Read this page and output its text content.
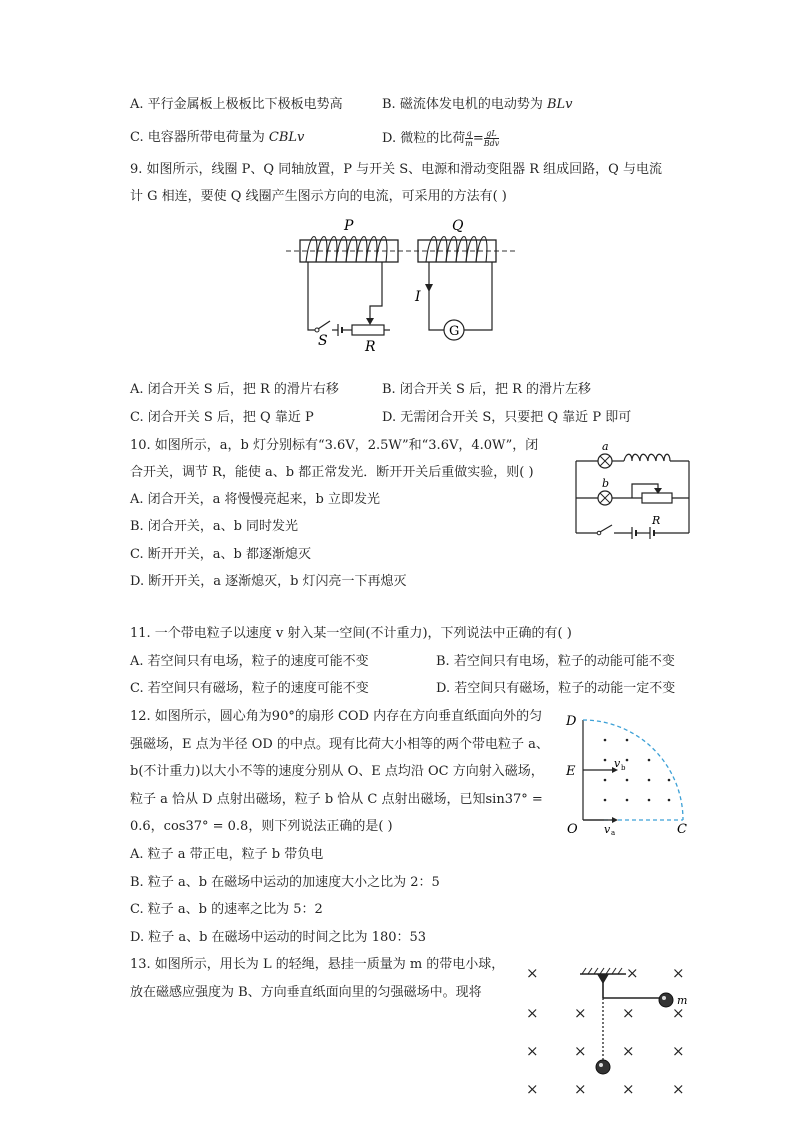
A. 平行金属板上极板比下极板电势高	B. 磁流体发电机的电动势为 BLv
C. 电容器所带电荷量为 CBLv	D. 微粒的比荷 $\frac{q}{m}= \frac{gL}{\text{Bdv}}$
9. 如图所示，线圈 P、Q 同轴放置，P 与开关 S、电源和滑动变阻器 R 组成回路，Q 与电流
计 G 相连，要使 Q 线圈产生图示方向的电流，可采用的方法有( )
P	Q
S	R
I
G
A. 闭合开关 S 后，把 R 的滑片右移	B. 闭合开关 S 后，把 R 的滑片左移
C. 闭合开关 S 后，把 Q 靠近 P	D. 无需闭合开关 S，只要把 Q 靠近 P 即可
10. 如图所示，a，b 灯分别标有“3.6V，2.5W”和“3.6V，4.0W”，闭
合开关，调节 R，能使 a、b 都正常发光．断开开关后重做实验，则( )
a
b
R
A. 闭合开关，a 将慢慢亮起来，b 立即发光
B. 闭合开关，a、b 同时发光
C. 断开开关，a、b 都逐渐熄灭
D. 断开开关，a 逐渐熄灭，b 灯闪亮一下再熄灭
11. 一个带电粒子以速度 v 射入某一空间(不计重力)，下列说法中正确的有( )
A. 若空间只有电场，粒子的速度可能不变	B. 若空间只有电场，粒子的动能可能不变
C. 若空间只有磁场，粒子的速度可能不变	D. 若空间只有磁场，粒子的动能一定不变
12. 如图所示，圆心角为90°的扇形 COD 内存在方向垂直纸面向外的匀
强磁场，E 点为半径 OD 的中点。现有比荷大小相等的两个带电粒子 a、
b(不计重力)以大小不等的速度分别从 O、E 点均沿 OC 方向射入磁场，
粒子 a 恰从 D 点射出磁场，粒子 b 恰从 C 点射出磁场，已知sin37° =
0.6，cos37° = 0.8，则下列说法正确的是( )
D
E
O	C
v b
v a
A. 粒子 a 带正电，粒子 b 带负电
B. 粒子 a、b 在磁场中运动的加速度大小之比为 2：5
C. 粒子 a、b 的速率之比为 5：2
D. 粒子 a、b 在磁场中运动的时间之比为 180：53
13. 如图所示，用长为 L 的轻绳，悬挂一质量为 m 的带电小球，
放在磁感应强度为 B、方向垂直纸面向里的匀强磁场中。现将
×	× ×
× × × ×
× × × ×
× × × ×
m
